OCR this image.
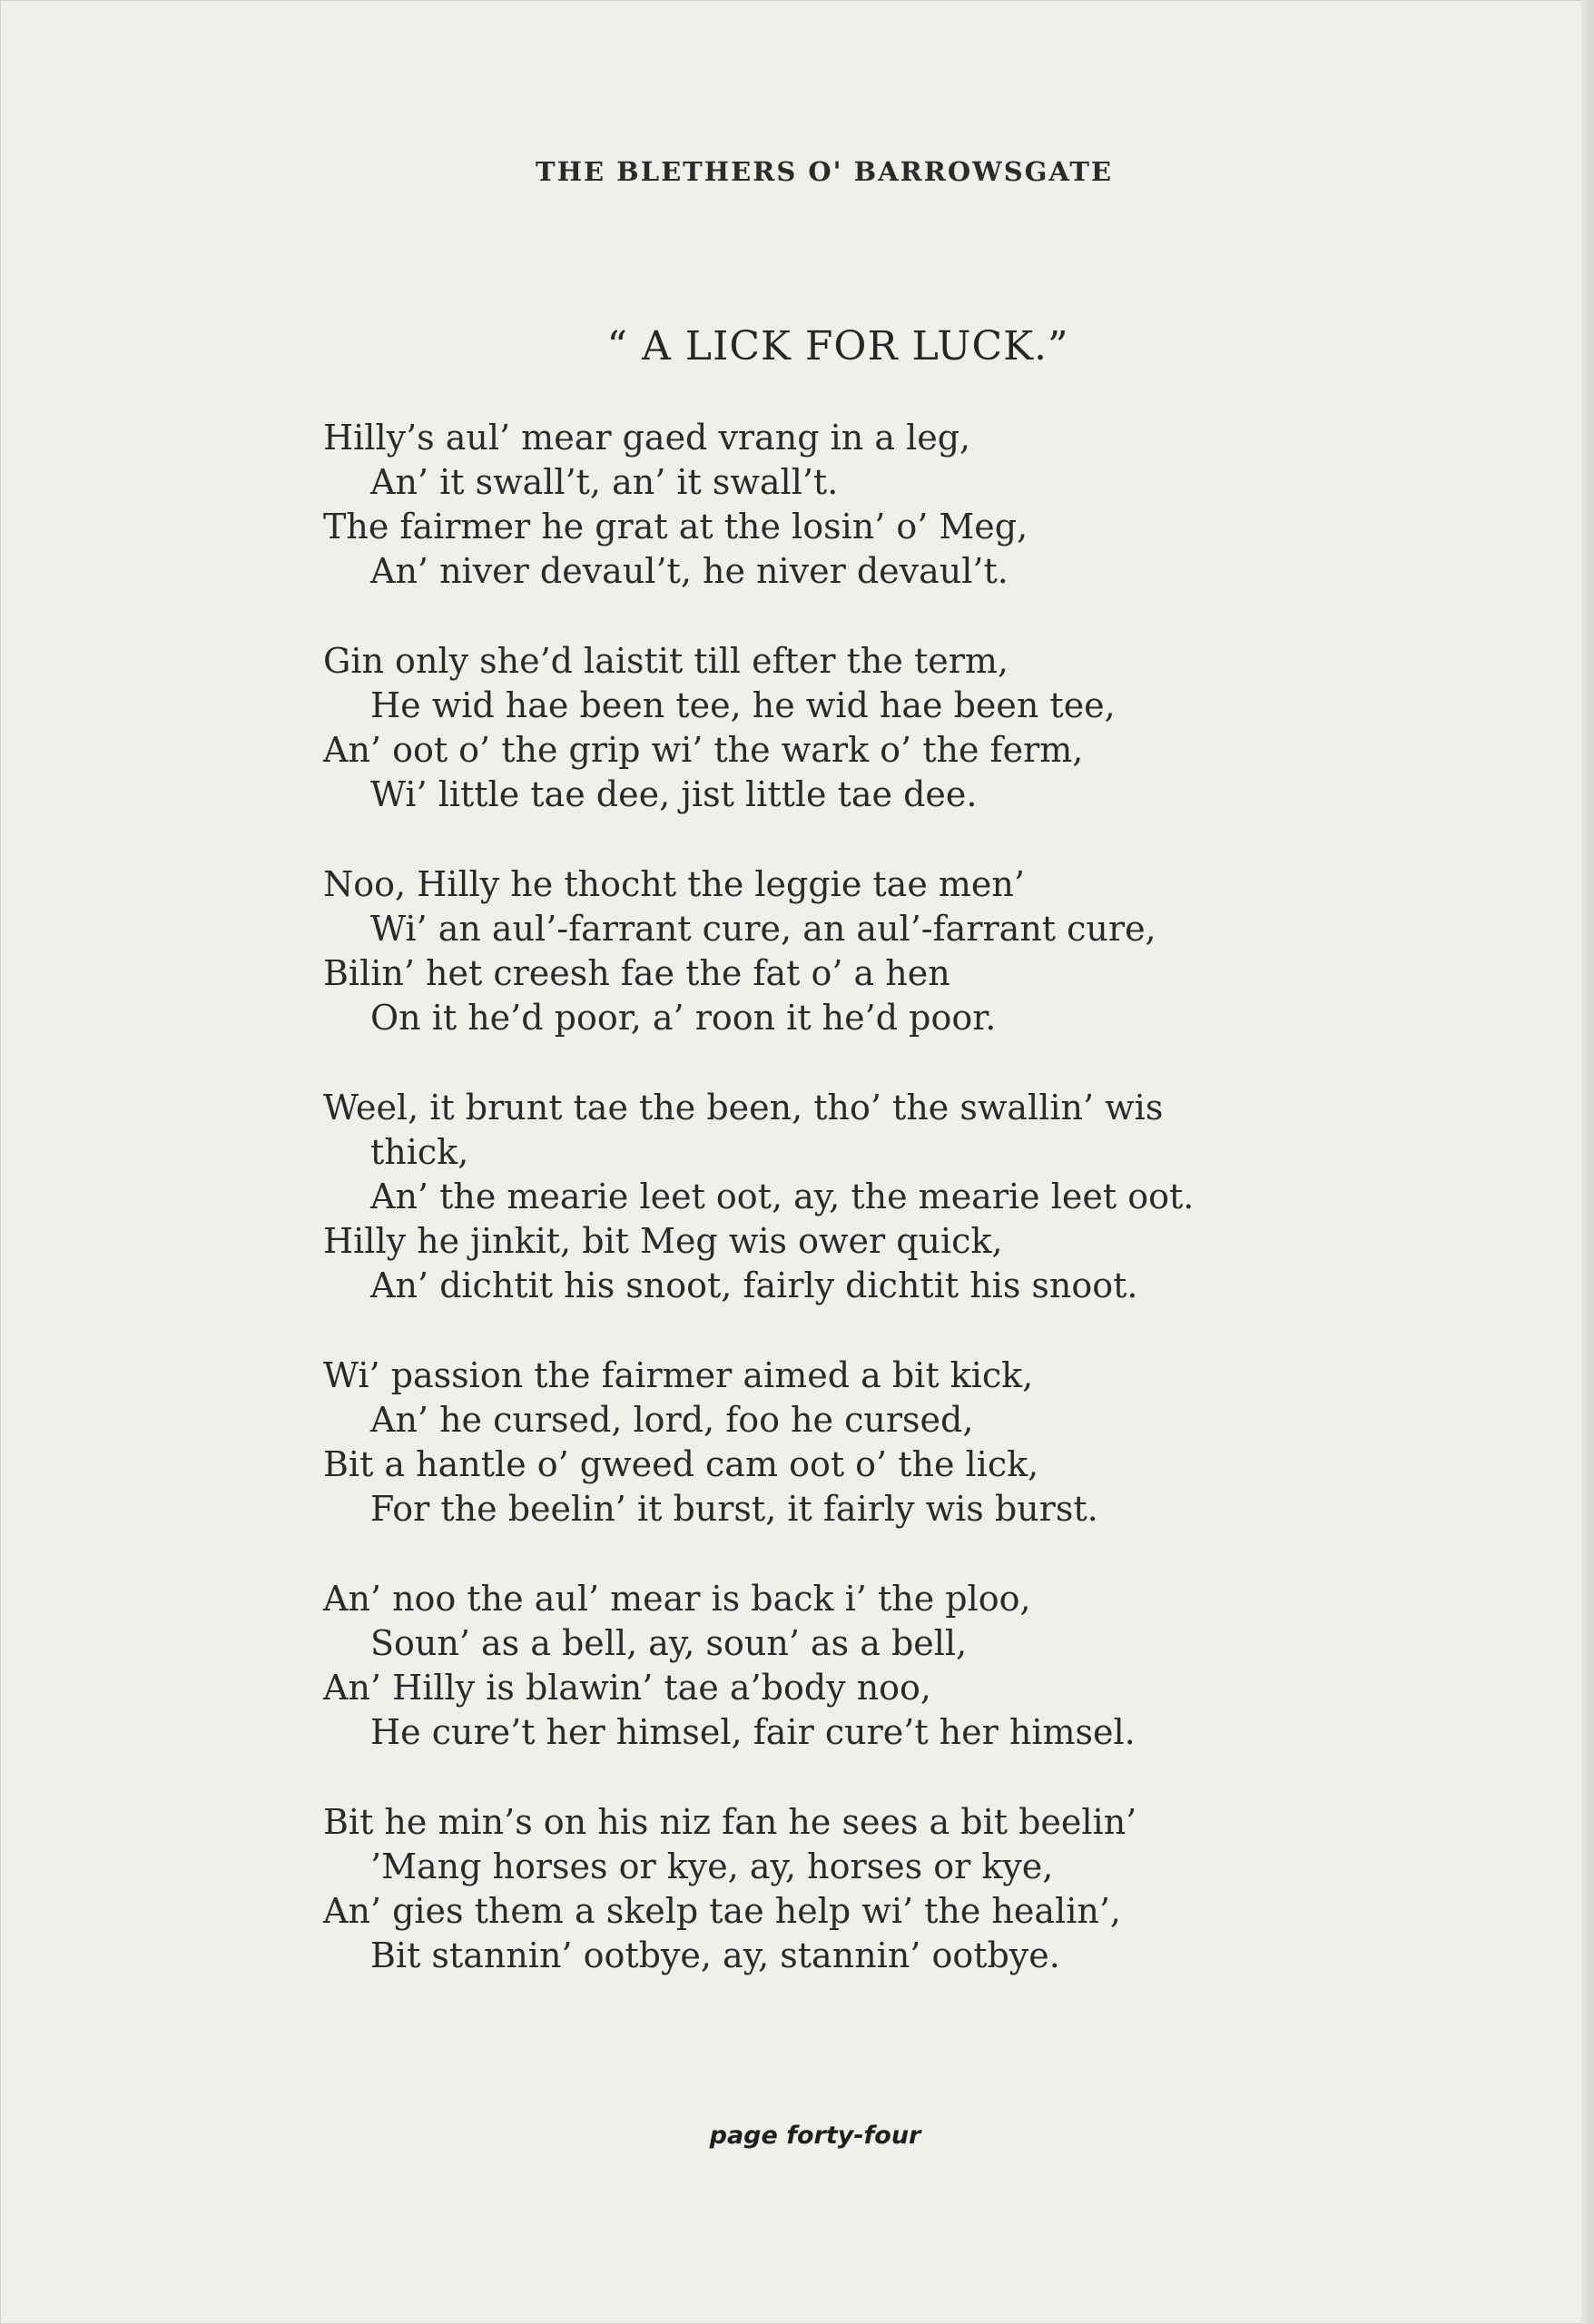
THE BLETHERS O' BARROWSGATE
“ A LICK FOR LUCK.”
Hilly’s aul’ mear gaed vrang in a leg,
An’ it swall’t, an’ it swall’t.
The fairmer he grat at the losin’ o’ Meg,
An’ niver devaul’t, he niver devaul’t.
Gin only she’d laistit till efter the term,
He wid hae been tee, he wid hae been tee,
An’ oot o’ the grip wi’ the wark o’ the ferm,
Wi’ little tae dee, jist little tae dee.
Noo, Hilly he thocht the leggie tae men’
Wi’ an aul’-farrant cure, an aul’-farrant cure,
Bilin’ het creesh fae the fat o’ a hen
On it he’d poor, a’ roon it he’d poor.
Weel, it brunt tae the been, tho’ the swallin’ wis
thick,
An’ the mearie leet oot, ay, the mearie leet oot.
Hilly he jinkit, bit Meg wis ower quick,
An’ dichtit his snoot, fairly dichtit his snoot.
Wi’ passion the fairmer aimed a bit kick,
An’ he cursed, lord, foo he cursed,
Bit a hantle o’ gweed cam oot o’ the lick,
For the beelin’ it burst, it fairly wis burst.
An’ noo the aul’ mear is back i’ the ploo,
Soun’ as a bell, ay, soun’ as a bell,
An’ Hilly is blawin’ tae a’body noo,
He cure’t her himsel, fair cure’t her himsel.
Bit he min’s on his niz fan he sees a bit beelin’
’Mang horses or kye, ay, horses or kye,
An’ gies them a skelp tae help wi’ the healin’,
Bit stannin’ ootbye, ay, stannin’ ootbye.
page forty-four
